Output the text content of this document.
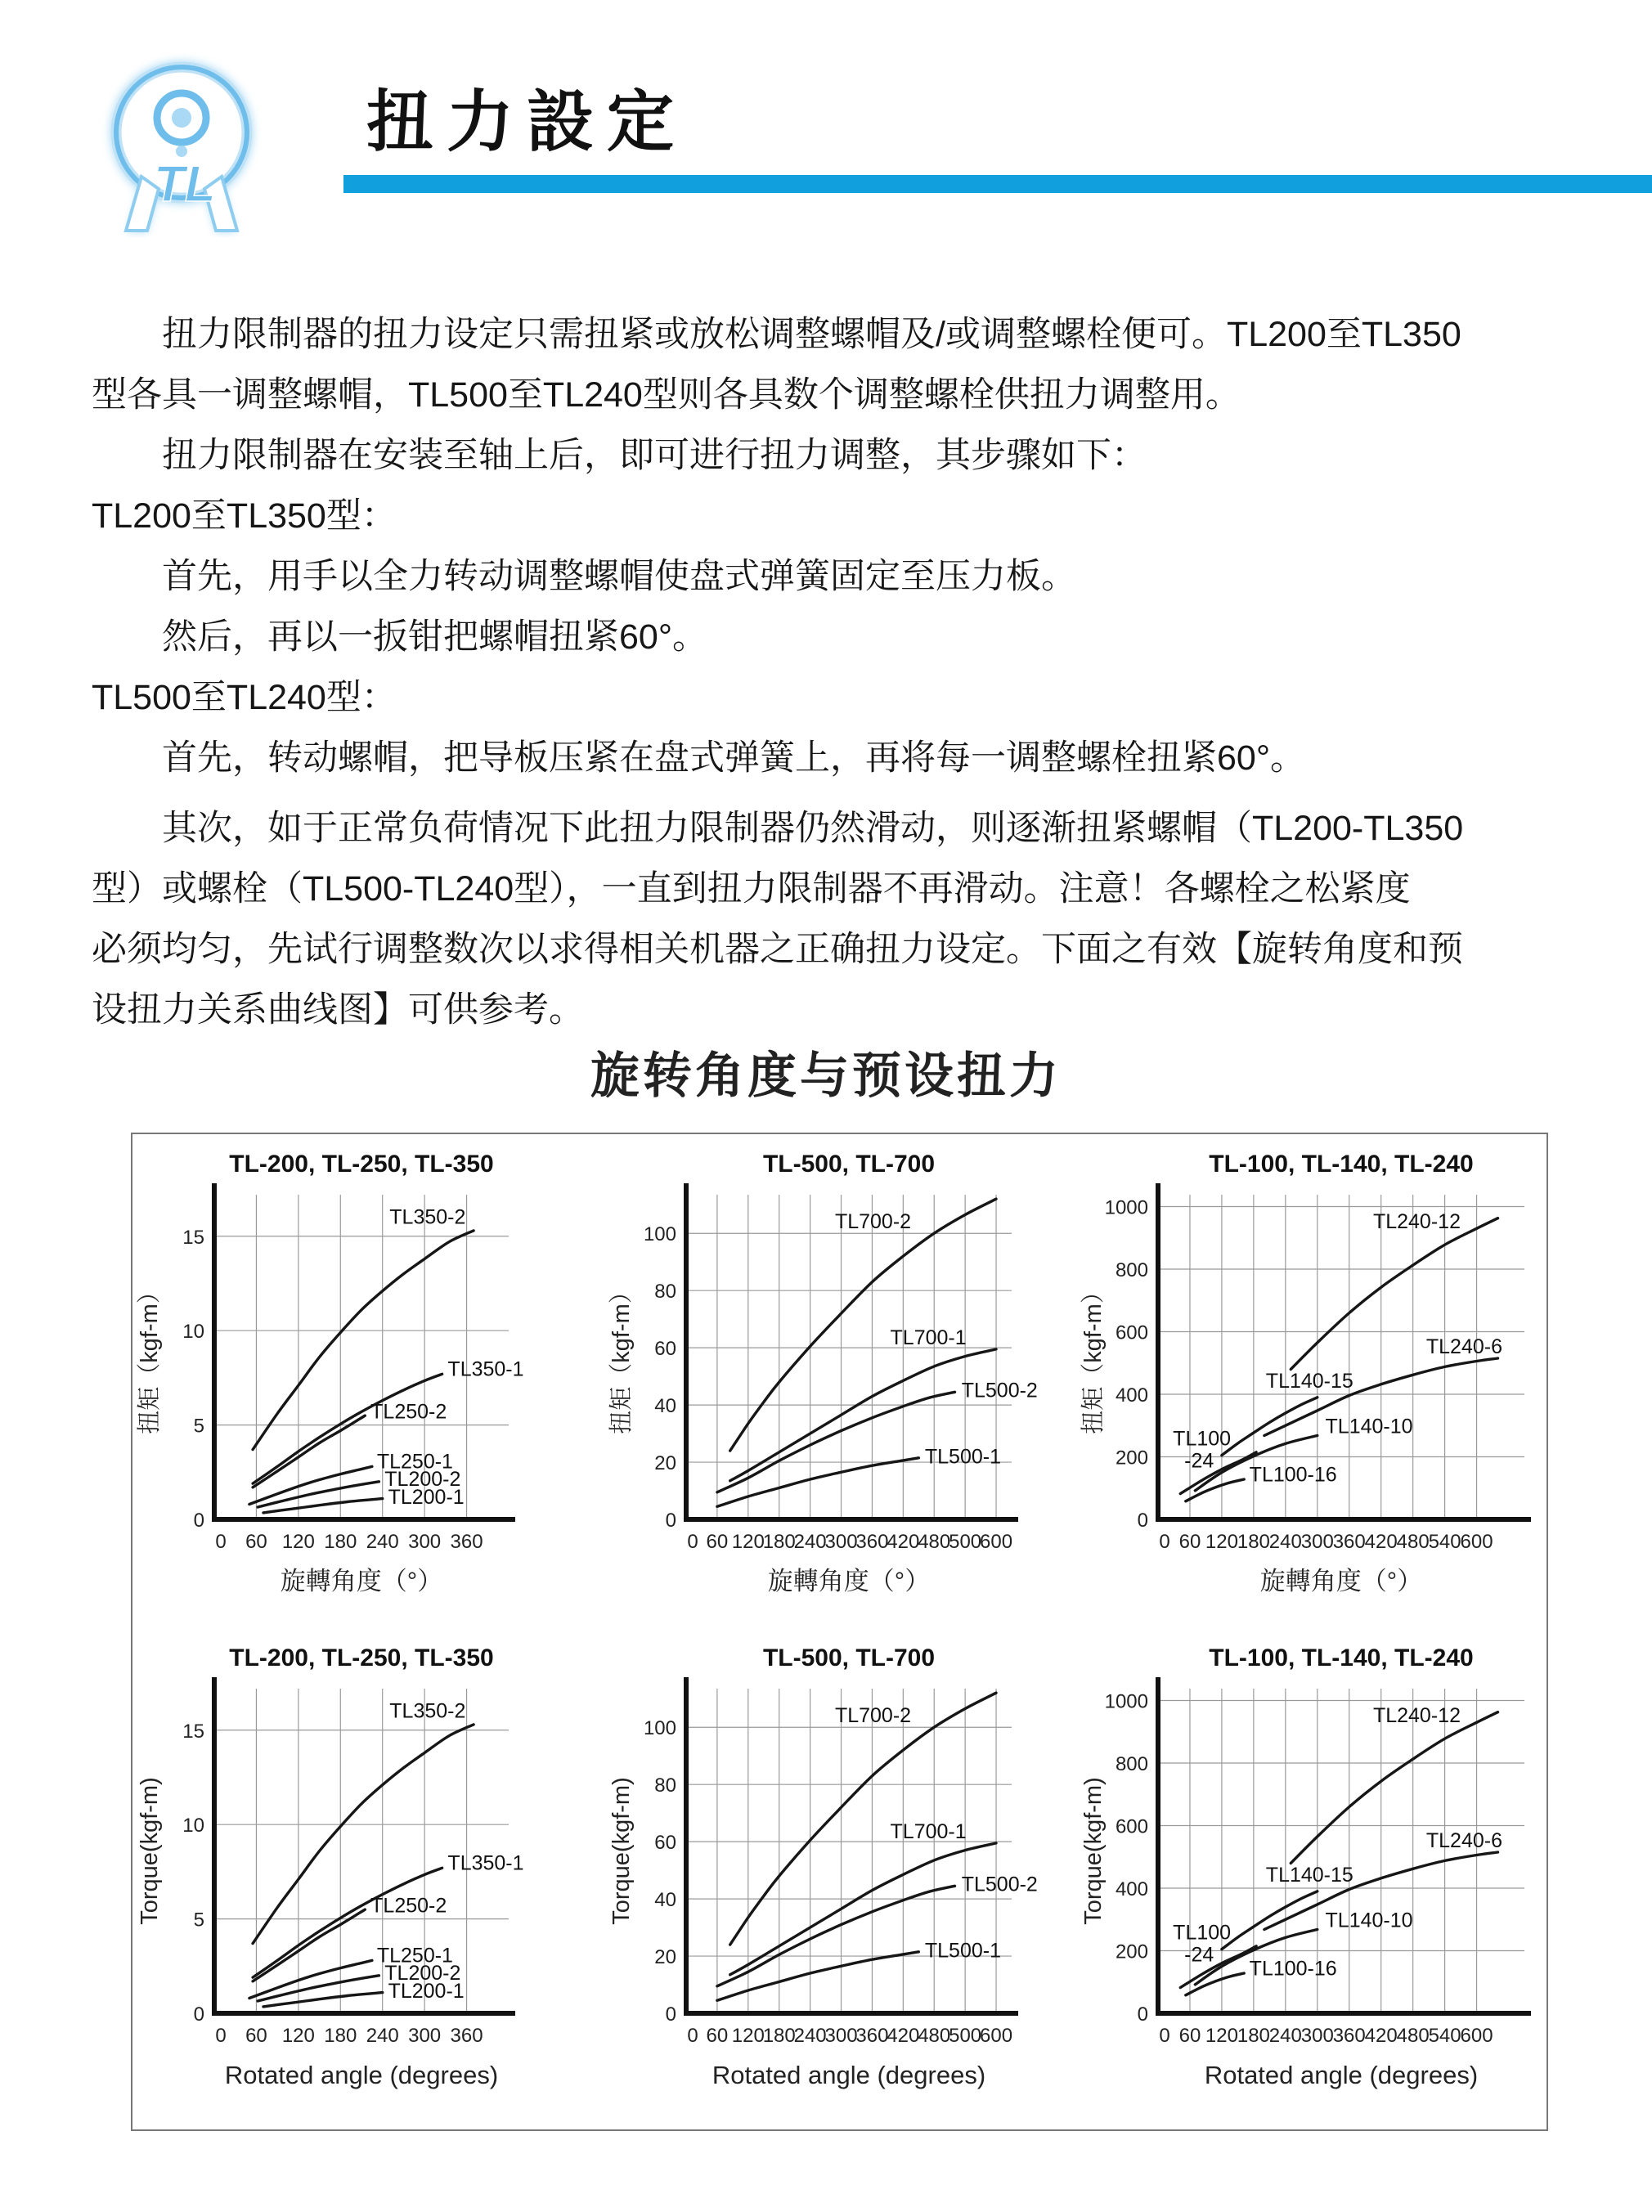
TL
扭力設定
扭力限制器的扭力设定只需扭紧或放松调整螺帽及/或调整螺栓便可。TL200至TL350
型各具一调整螺帽，TL500至TL240型则各具数个调整螺栓供扭力调整用。
扭力限制器在安装至轴上后，即可进行扭力调整，其步骤如下：
TL200至TL350型：
首先，用手以全力转动调整螺帽使盘式弹簧固定至压力板。
然后，再以一扳钳把螺帽扭紧60°。
TL500至TL240型：
首先，转动螺帽，把导板压紧在盘式弹簧上，再将每一调整螺栓扭紧60°。
其次，如于正常负荷情况下此扭力限制器仍然滑动，则逐渐扭紧螺帽（TL200-TL350
型）或螺栓（TL500-TL240型），一直到扭力限制器不再滑动。注意！各螺栓之松紧度
必须均匀，先试行调整数次以求得相关机器之正确扭力设定。下面之有效【旋转角度和预
设扭力关系曲线图】可供参考。
旋转角度与预设扭力
TL-200, TL-250, TL-350
0 60 120 180 240 300 360
0
5
10
15
旋轉角度（°）
扭矩（kgf-m）
TL350-2
TL350-1
TL250-2
TL250-1
TL200-2
TL200-1
TL-500, TL-700
0 60 120
180
240
300
360
420
480
500
600
0
20
40
60
80
100
旋轉角度（°）
扭矩（kgf-m）
TL700-2
TL700-1
TL500-2
TL500-1
TL-100, TL-140, TL-240
0 60 120
180
240
300
360
420
480
540
600
0
200
400
600
800
1000
旋轉角度（°）
扭矩（kgf-m）
TL240-12
TL240-6
TL140-15
TL140-10
TL100 -24
TL100-16
TL-200, TL-250, TL-350
0 60 120 180 240 300 360
0
5
10
15
Rotated angle (degrees)
Torque(kgf-m)
TL350-2
TL350-1
TL250-2
TL250-1
TL200-2
TL200-1
TL-500, TL-700
0 60 120
180
240
300
360
420
480
500
600
0
20
40
60
80
100
Rotated angle (degrees)
Torque(kgf-m)
TL700-2
TL700-1
TL500-2
TL500-1
TL-100, TL-140, TL-240
0 60 120
180
240
300
360
420
480
540
600
0
200
400
600
800
1000
Rotated angle (degrees)
Torque(kgf-m)
TL240-12
TL240-6
TL140-15
TL140-10
TL100 -24
TL100-16
